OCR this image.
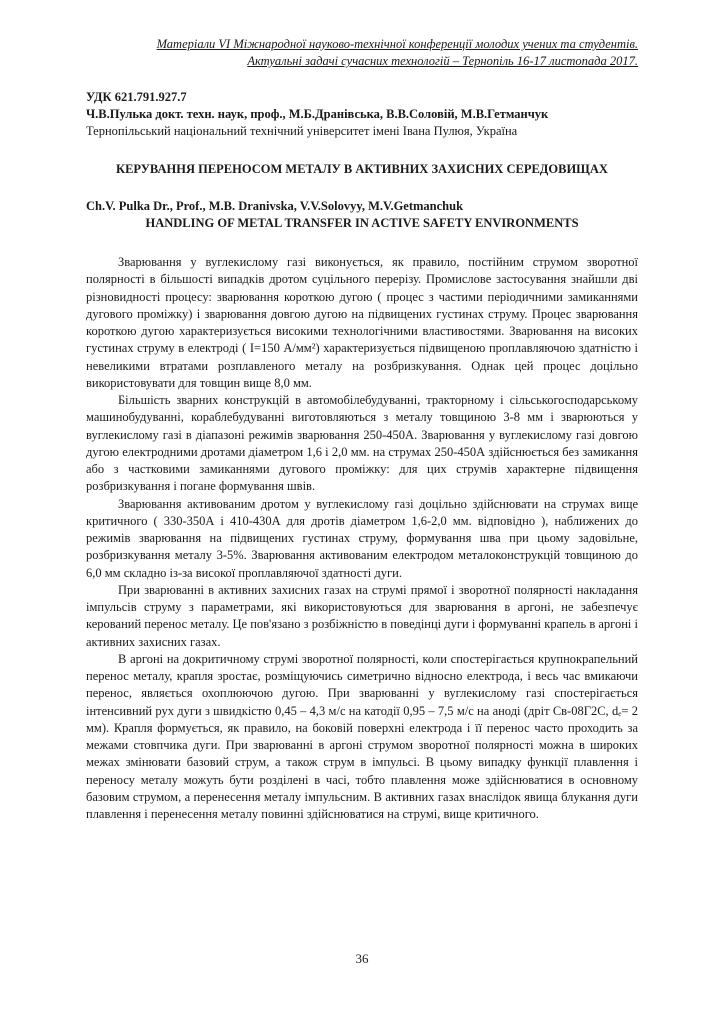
Матеріали VI Міжнародної науково-технічної конференції молодих учених та студентів.
Актуальні задачі сучасних технологій – Тернопіль 16-17 листопада 2017.
УДК 621.791.927.7
Ч.В.Пулька докт. техн. наук, проф., М.Б.Дранівська, В.В.Соловій, М.В.Гетманчук
Тернопільський національний технічний університет імені Івана Пулюя, Україна
КЕРУВАННЯ ПЕРЕНОСОМ МЕТАЛУ В АКТИВНИХ ЗАХИСНИХ СЕРЕДОВИЩАХ
Ch.V. Pulka Dr., Prof., M.B. Dranivska, V.V.Solovyy, M.V.Getmanchuk
HANDLING OF METAL TRANSFER IN ACTIVE SAFETY ENVIRONMENTS

Зварювання у вуглекислому газі виконується, як правило, постійним струмом зворотної полярності в більшості випадків дротом суцільного перерізу. Промислове застосування знайшли дві різновидності процесу: зварювання короткою дугою ( процес з частими періодичними замиканнями дугового проміжку) і зварювання довгою дугою на підвищених густинах струму. Процес зварювання короткою дугою характеризується високими технологічними властивостями. Зварювання на високих густинах струму в електроді ( I=150 А/мм²) характеризується підвищеною проплавляючою здатністю і невеликими втратами розплавленого металу на розбризкування. Однак цей процес доцільно використовувати для товщин вище 8,0 мм.

Більшість зварних конструкцій в автомобілебудуванні, тракторному і сільськогосподарському машинобудуванні, кораблебудуванні виготовляються з металу товщиною 3-8 мм і зварюються у вуглекислому газі в діапазоні режимів зварювання 250-450А. Зварювання у вуглекислому газі довгою дугою електродними дротами діаметром 1,6 і 2,0 мм. на струмах 250-450А здійснюється без замикання або з частковими замиканнями дугового проміжку: для цих струмів характерне підвищення розбризкування і погане формування швів.

Зварювання активованим дротом у вуглекислому газі доцільно здійснювати на струмах вище критичного ( 330-350А і 410-430А для дротів діаметром 1,6-2,0 мм. відповідно ), наближених до режимів зварювання на підвищених густинах струму, формування шва при цьому задовільне, розбризкування металу 3-5%. Зварювання активованим електродом металоконструкцій товщиною до 6,0 мм складно із-за високої проплавляючої здатності дуги.

При зварюванні в активних захисних газах на струмі прямої і зворотної полярності накладання імпульсів струму з параметрами, які використовуються для зварювання в аргоні, не забезпечує керований перенос металу. Це пов'язано з розбіжністю в поведінці дуги і формуванні крапель в аргоні і активних захисних газах.

В аргоні на докритичному струмі зворотної полярності, коли спостерігається крупнокрапельний перенос металу, крапля зростає, розміщуючись симетрично відносно електрода, і весь час вмикаючи перенос, являється охоплюючою дугою. При зварюванні у вуглекислому газі спостерігається інтенсивний рух дуги з швидкістю 0,45 – 4,3 м/с на катодії 0,95 – 7,5 м/с на аноді (дріт Св-08Г2С, dₑ= 2 мм). Крапля формується, як правило, на боковій поверхні електрода і її перенос часто проходить за межами стовпчика дуги. При зварюванні в аргоні струмом зворотної полярності можна в широких межах змінювати базовий струм, а також струм в імпульсі. В цьому випадку функції плавлення і переносу металу можуть бути розділені в часі, тобто плавлення може здійснюватися в основному базовим струмом, а перенесення металу імпульсним. В активних газах внаслідок явища блукання дуги плавлення і перенесення металу повинні здійснюватися на струмі, вище критичного.

36
